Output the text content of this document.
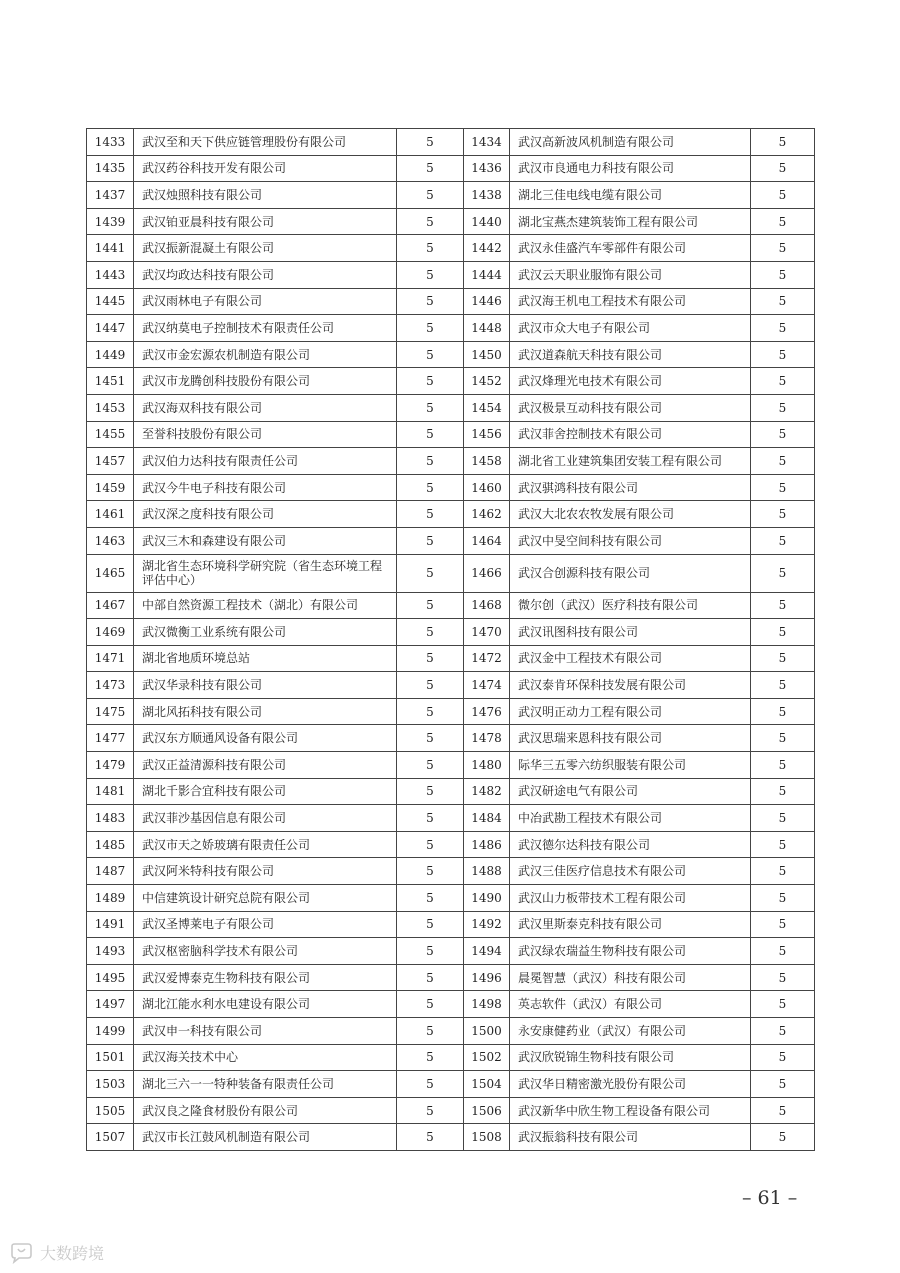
1433	武汉至和天下供应链管理股份有限公司	5	1434	武汉高新波风机制造有限公司	5
1435	武汉药谷科技开发有限公司	5	1436	武汉市良通电力科技有限公司	5
1437	武汉烛照科技有限公司	5	1438	湖北三佳电线电缆有限公司	5
1439	武汉铂亚晨科技有限公司	5	1440	湖北宝燕杰建筑装饰工程有限公司	5
1441	武汉振新混凝土有限公司	5	1442	武汉永佳盛汽车零部件有限公司	5
1443	武汉均政达科技有限公司	5	1444	武汉云天职业服饰有限公司	5
1445	武汉雨林电子有限公司	5	1446	武汉海王机电工程技术有限公司	5
1447	武汉纳莫电子控制技术有限责任公司	5	1448	武汉市众大电子有限公司	5
1449	武汉市金宏源农机制造有限公司	5	1450	武汉道森航天科技有限公司	5
1451	武汉市龙腾创科技股份有限公司	5	1452	武汉烽理光电技术有限公司	5
1453	武汉海双科技有限公司	5	1454	武汉极景互动科技有限公司	5
1455	至誉科技股份有限公司	5	1456	武汉菲舍控制技术有限公司	5
1457	武汉伯力达科技有限责任公司	5	1458	湖北省工业建筑集团安装工程有限公司	5
1459	武汉今牛电子科技有限公司	5	1460	武汉骐鸿科技有限公司	5
1461	武汉深之度科技有限公司	5	1462	武汉大北农农牧发展有限公司	5
1463	武汉三木和森建设有限公司	5	1464	武汉中旻空间科技有限公司	5
1465	湖北省生态环境科学研究院（省生态环境工程评估中心）	5	1466	武汉合创源科技有限公司	5
1467	中部自然资源工程技术（湖北）有限公司	5	1468	微尔创（武汉）医疗科技有限公司	5
1469	武汉微衡工业系统有限公司	5	1470	武汉讯图科技有限公司	5
1471	湖北省地质环境总站	5	1472	武汉金中工程技术有限公司	5
1473	武汉华录科技有限公司	5	1474	武汉泰肯环保科技发展有限公司	5
1475	湖北风拓科技有限公司	5	1476	武汉明正动力工程有限公司	5
1477	武汉东方顺通风设备有限公司	5	1478	武汉思瑞来恩科技有限公司	5
1479	武汉正益清源科技有限公司	5	1480	际华三五零六纺织服装有限公司	5
1481	湖北千影合宜科技有限公司	5	1482	武汉研途电气有限公司	5
1483	武汉菲沙基因信息有限公司	5	1484	中冶武勘工程技术有限公司	5
1485	武汉市天之娇玻璃有限责任公司	5	1486	武汉德尔达科技有限公司	5
1487	武汉阿米特科技有限公司	5	1488	武汉三佳医疗信息技术有限公司	5
1489	中信建筑设计研究总院有限公司	5	1490	武汉山力板带技术工程有限公司	5
1491	武汉圣博莱电子有限公司	5	1492	武汉里斯泰克科技有限公司	5
1493	武汉枢密脑科学技术有限公司	5	1494	武汉绿农瑞益生物科技有限公司	5
1495	武汉爱博泰克生物科技有限公司	5	1496	晨冕智慧（武汉）科技有限公司	5
1497	湖北江能水利水电建设有限公司	5	1498	英志软件（武汉）有限公司	5
1499	武汉申一科技有限公司	5	1500	永安康健药业（武汉）有限公司	5
1501	武汉海关技术中心	5	1502	武汉欣锐锦生物科技有限公司	5
1503	湖北三六一一特种装备有限责任公司	5	1504	武汉华日精密激光股份有限公司	5
1505	武汉良之隆食材股份有限公司	5	1506	武汉新华中欣生物工程设备有限公司	5
1507	武汉市长江鼓风机制造有限公司	5	1508	武汉振翁科技有限公司	5
– 61 –
大数跨境
